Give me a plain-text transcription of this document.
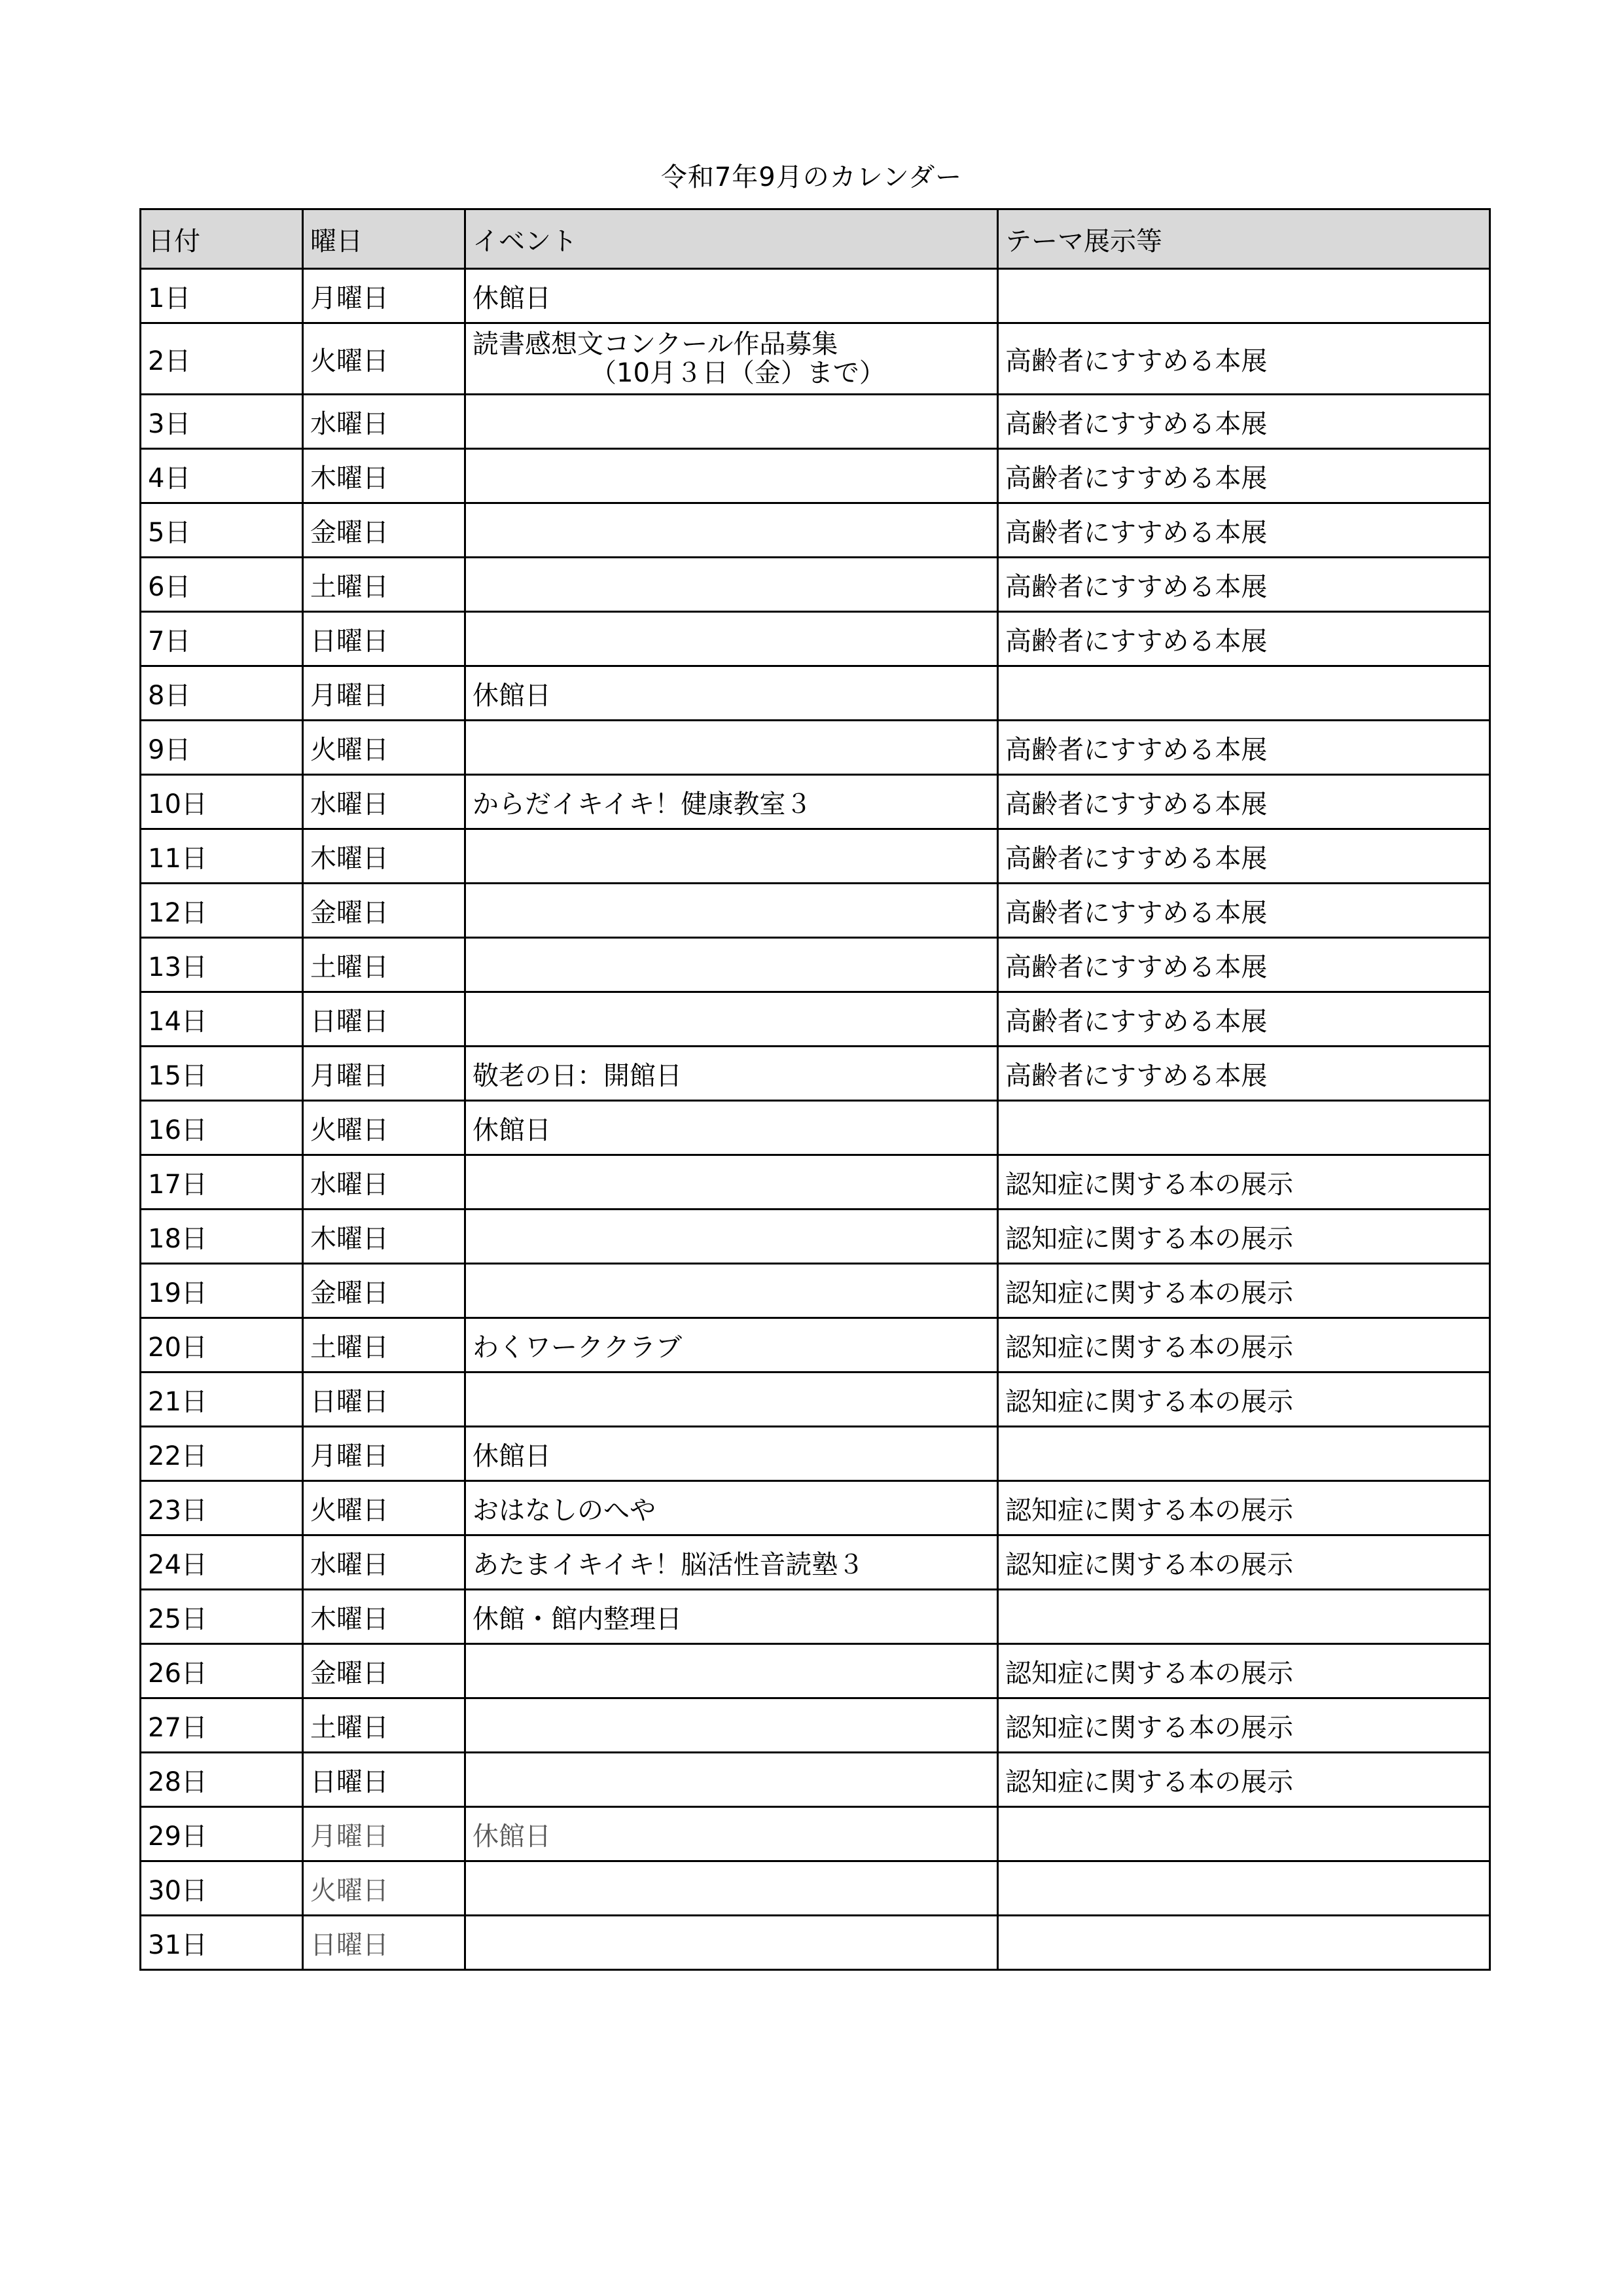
令和7年9月のカレンダー
日付	曜日	イベント	テーマ展示等
1日	月曜日	休館日	
2日	火曜日	読書感想文コンクール作品募集
（10月３日（金）まで）	高齢者にすすめる本展
3日	水曜日		高齢者にすすめる本展
4日	木曜日		高齢者にすすめる本展
5日	金曜日		高齢者にすすめる本展
6日	土曜日		高齢者にすすめる本展
7日	日曜日		高齢者にすすめる本展
8日	月曜日	休館日	
9日	火曜日		高齢者にすすめる本展
10日	水曜日	からだイキイキ！健康教室３	高齢者にすすめる本展
11日	木曜日		高齢者にすすめる本展
12日	金曜日		高齢者にすすめる本展
13日	土曜日		高齢者にすすめる本展
14日	日曜日		高齢者にすすめる本展
15日	月曜日	敬老の日：開館日	高齢者にすすめる本展
16日	火曜日	休館日	
17日	水曜日		認知症に関する本の展示
18日	木曜日		認知症に関する本の展示
19日	金曜日		認知症に関する本の展示
20日	土曜日	わくワーククラブ	認知症に関する本の展示
21日	日曜日		認知症に関する本の展示
22日	月曜日	休館日	
23日	火曜日	おはなしのへや	認知症に関する本の展示
24日	水曜日	あたまイキイキ！脳活性音読塾３	認知症に関する本の展示
25日	木曜日	休館・館内整理日	
26日	金曜日		認知症に関する本の展示
27日	土曜日		認知症に関する本の展示
28日	日曜日		認知症に関する本の展示
29日	月曜日	休館日	
30日	火曜日		
31日	日曜日		
